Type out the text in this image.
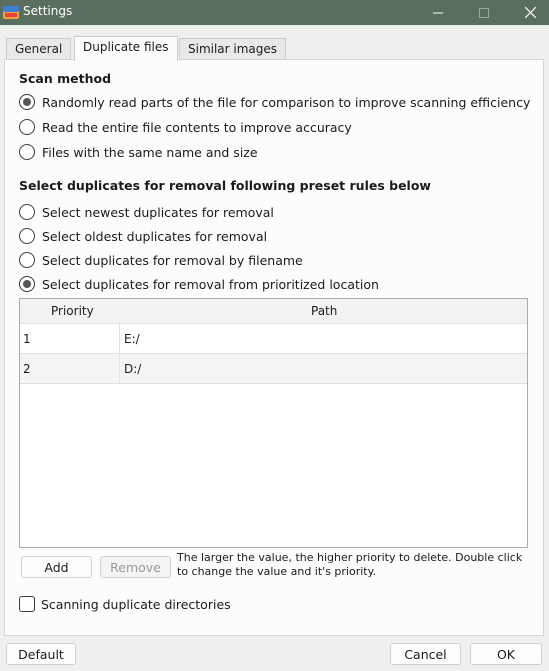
Settings
General	Duplicate files	Similar images
Scan method
Randomly read parts of the file for comparison to improve scanning efficiency
Read the entire file contents to improve accuracy
Files with the same name and size
Select duplicates for removal following preset rules below
Select newest duplicates for removal
Select oldest duplicates for removal
Select duplicates for removal by filename
Select duplicates for removal from prioritized location
Priority	Path
1	E:/
2	D:/
Add	Remove
The larger the value, the higher priority to delete. Double click to change the value and it's priority.
Scanning duplicate directories
Default	Cancel	OK
